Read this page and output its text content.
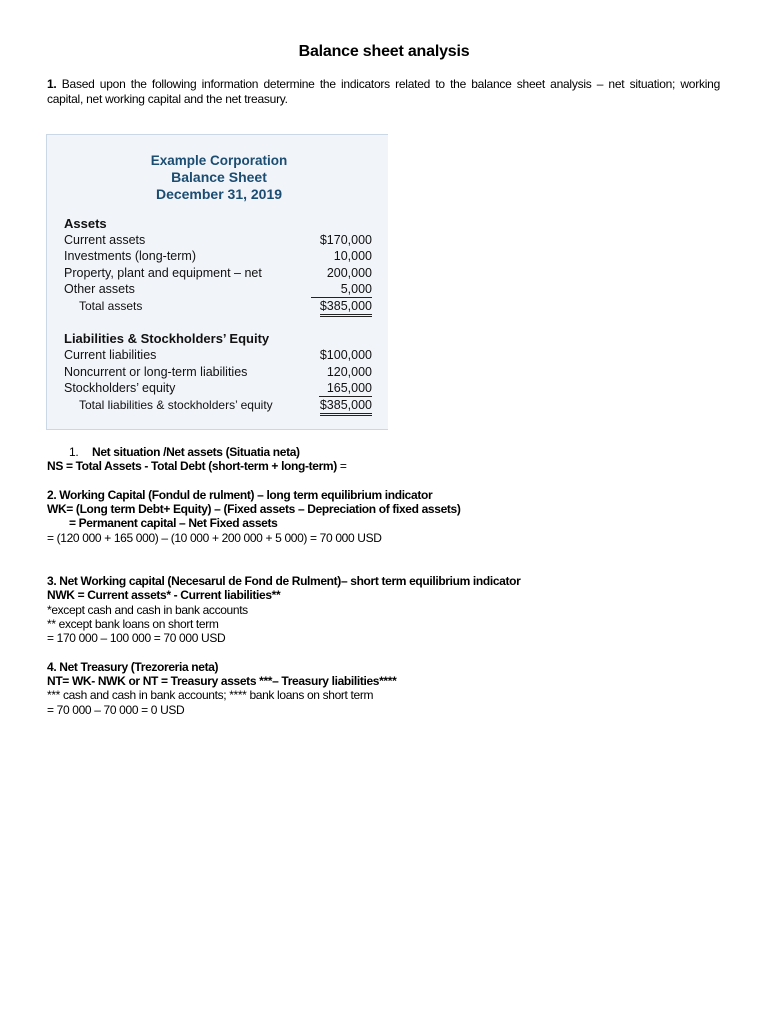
Balance sheet analysis
1. Based upon the following information determine the indicators related to the balance sheet analysis – net situation; working capital, net working capital and the net treasury.
Example Corporation
Balance Sheet
December 31, 2019
Assets
Current assets	$170,000
Investments (long-term)	10,000
Property, plant and equipment – net	200,000
Other assets	5,000
Total assets	$385,000
Liabilities & Stockholders’ Equity
Current liabilities	$100,000
Noncurrent or long-term liabilities	120,000
Stockholders’ equity	165,000
Total liabilities & stockholders’ equity	$385,000
1. Net situation /Net assets (Situatia neta)
NS = Total Assets - Total Debt (short-term + long-term) =
2. Working Capital (Fondul de rulment) – long term equilibrium indicator
WK= (Long term Debt+ Equity) – (Fixed assets – Depreciation of fixed assets)
= Permanent capital – Net Fixed assets
= (120 000 + 165 000) – (10 000 + 200 000 + 5 000) = 70 000 USD
3. Net Working capital (Necesarul de Fond de Rulment)– short term equilibrium indicator
NWK = Current assets* - Current liabilities**
*except cash and cash in bank accounts
** except bank loans on short term
= 170 000 – 100 000 = 70 000 USD
4. Net Treasury (Trezoreria neta)
NT= WK- NWK or NT = Treasury assets ***– Treasury liabilities****
*** cash and cash in bank accounts; **** bank loans on short term
= 70 000 – 70 000 = 0 USD
